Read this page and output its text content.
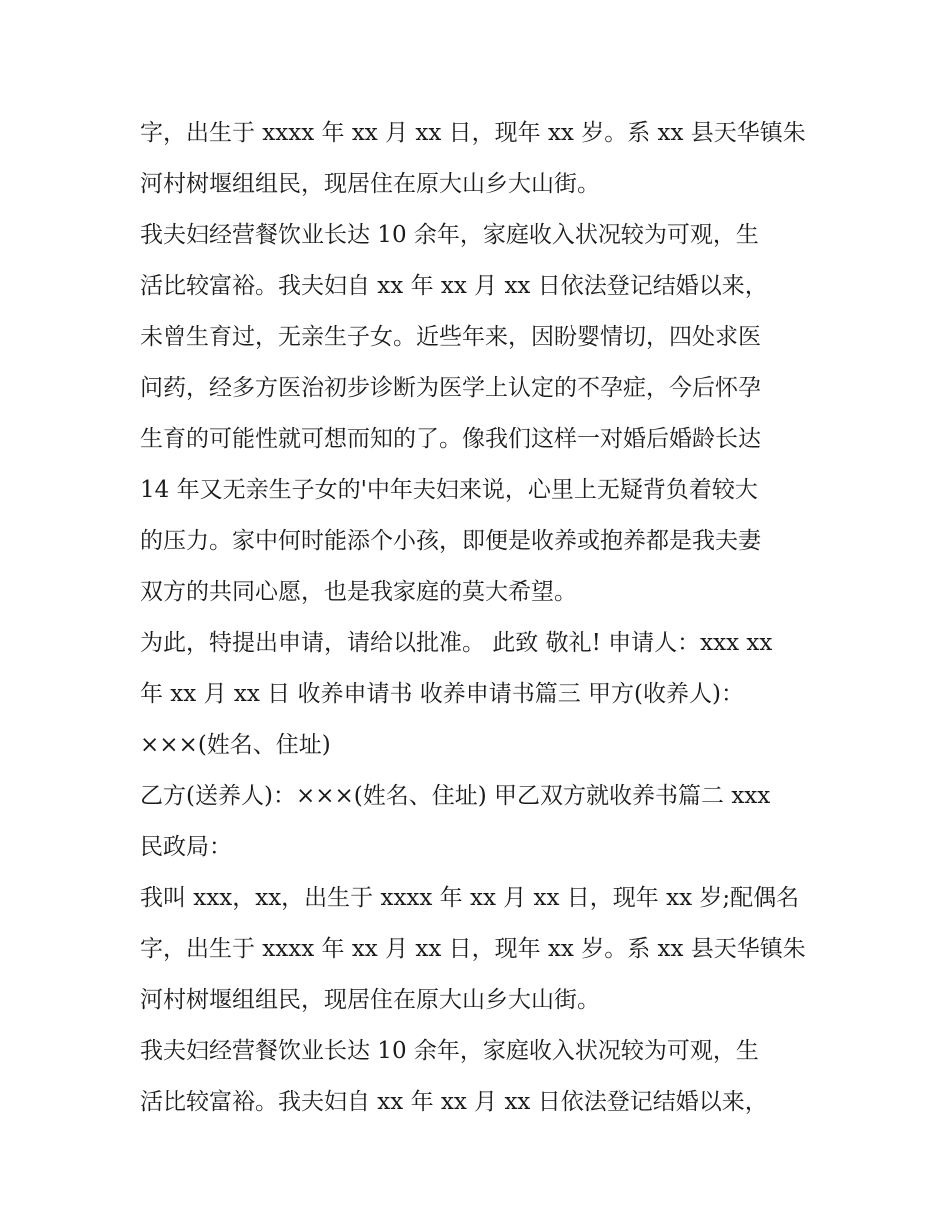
字，出生于 xxxx 年 xx 月 xx 日，现年 xx 岁。系 xx 县天华镇朱
河村树堰组组民，现居住在原大山乡大山街。
我夫妇经营餐饮业长达 10 余年，家庭收入状况较为可观，生
活比较富裕。我夫妇自 xx 年 xx 月 xx 日依法登记结婚以来，
未曾生育过，无亲生子女。近些年来，因盼婴情切，四处求医
问药，经多方医治初步诊断为医学上认定的不孕症，今后怀孕
生育的可能性就可想而知的了。像我们这样一对婚后婚龄长达
14 年又无亲生子女的'中年夫妇来说，心里上无疑背负着较大
的压力。家中何时能添个小孩，即便是收养或抱养都是我夫妻
双方的共同心愿，也是我家庭的莫大希望。
为此，特提出申请，请给以批准。 此致 敬礼! 申请人：xxx xx
年 xx 月 xx 日 收养申请书 收养申请书篇三 甲方(收养人)：
×××(姓名、住址)
乙方(送养人)：×××(姓名、住址) 甲乙双方就收养书篇二 xxx
民政局：
我叫 xxx，xx，出生于 xxxx 年 xx 月 xx 日，现年 xx 岁;配偶名
字，出生于 xxxx 年 xx 月 xx 日，现年 xx 岁。系 xx 县天华镇朱
河村树堰组组民，现居住在原大山乡大山街。
我夫妇经营餐饮业长达 10 余年，家庭收入状况较为可观，生
活比较富裕。我夫妇自 xx 年 xx 月 xx 日依法登记结婚以来，
